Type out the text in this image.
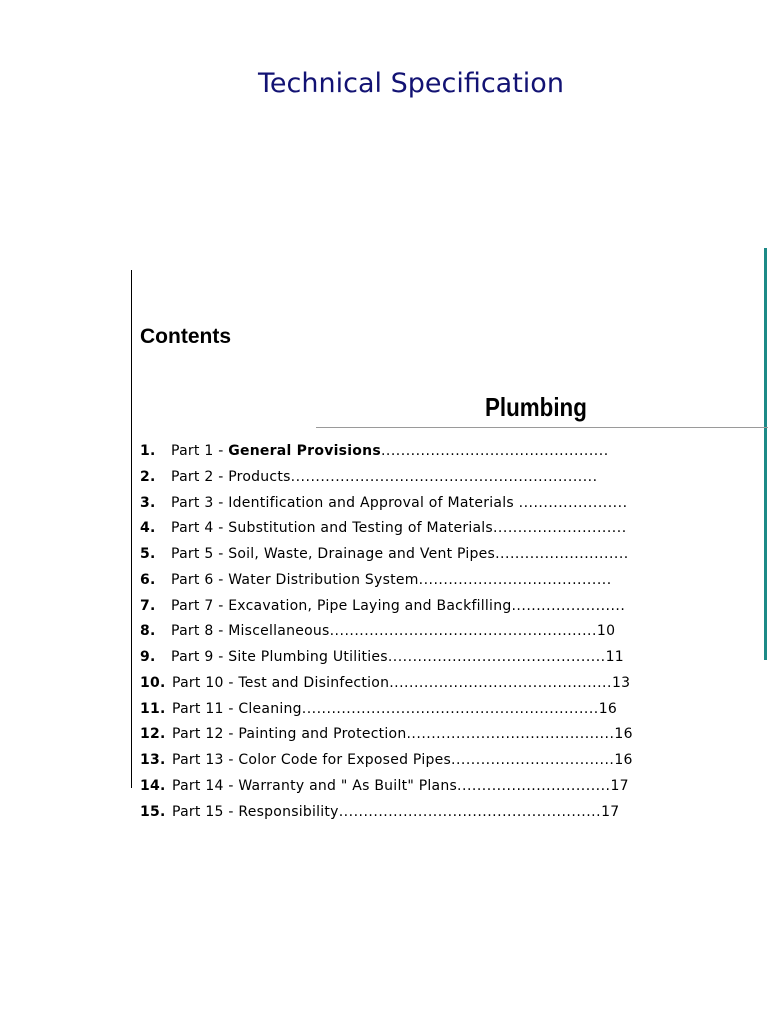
Technical Specification
Contents
Plumbing
1. Part 1 - General Provisions..............................................
2. Part 2 - Products..............................................................
3. Part 3 - Identification and Approval of Materials ......................
4. Part 4 - Substitution and Testing of Materials...........................
5. Part 5 - Soil, Waste, Drainage and Vent Pipes...........................
6. Part 6 - Water Distribution System.......................................
7. Part 7 - Excavation, Pipe Laying and Backfilling.......................
8. Part 8 - Miscellaneous......................................................10
9. Part 9 - Site Plumbing Utilities............................................11
10. Part 10 - Test and Disinfection.............................................13
11. Part 11 - Cleaning............................................................16
12. Part 12 - Painting and Protection..........................................16
13. Part 13 - Color Code for Exposed Pipes.................................16
14. Part 14 - Warranty and " As Built" Plans...............................17
15. Part 15 - Responsibility.....................................................17
